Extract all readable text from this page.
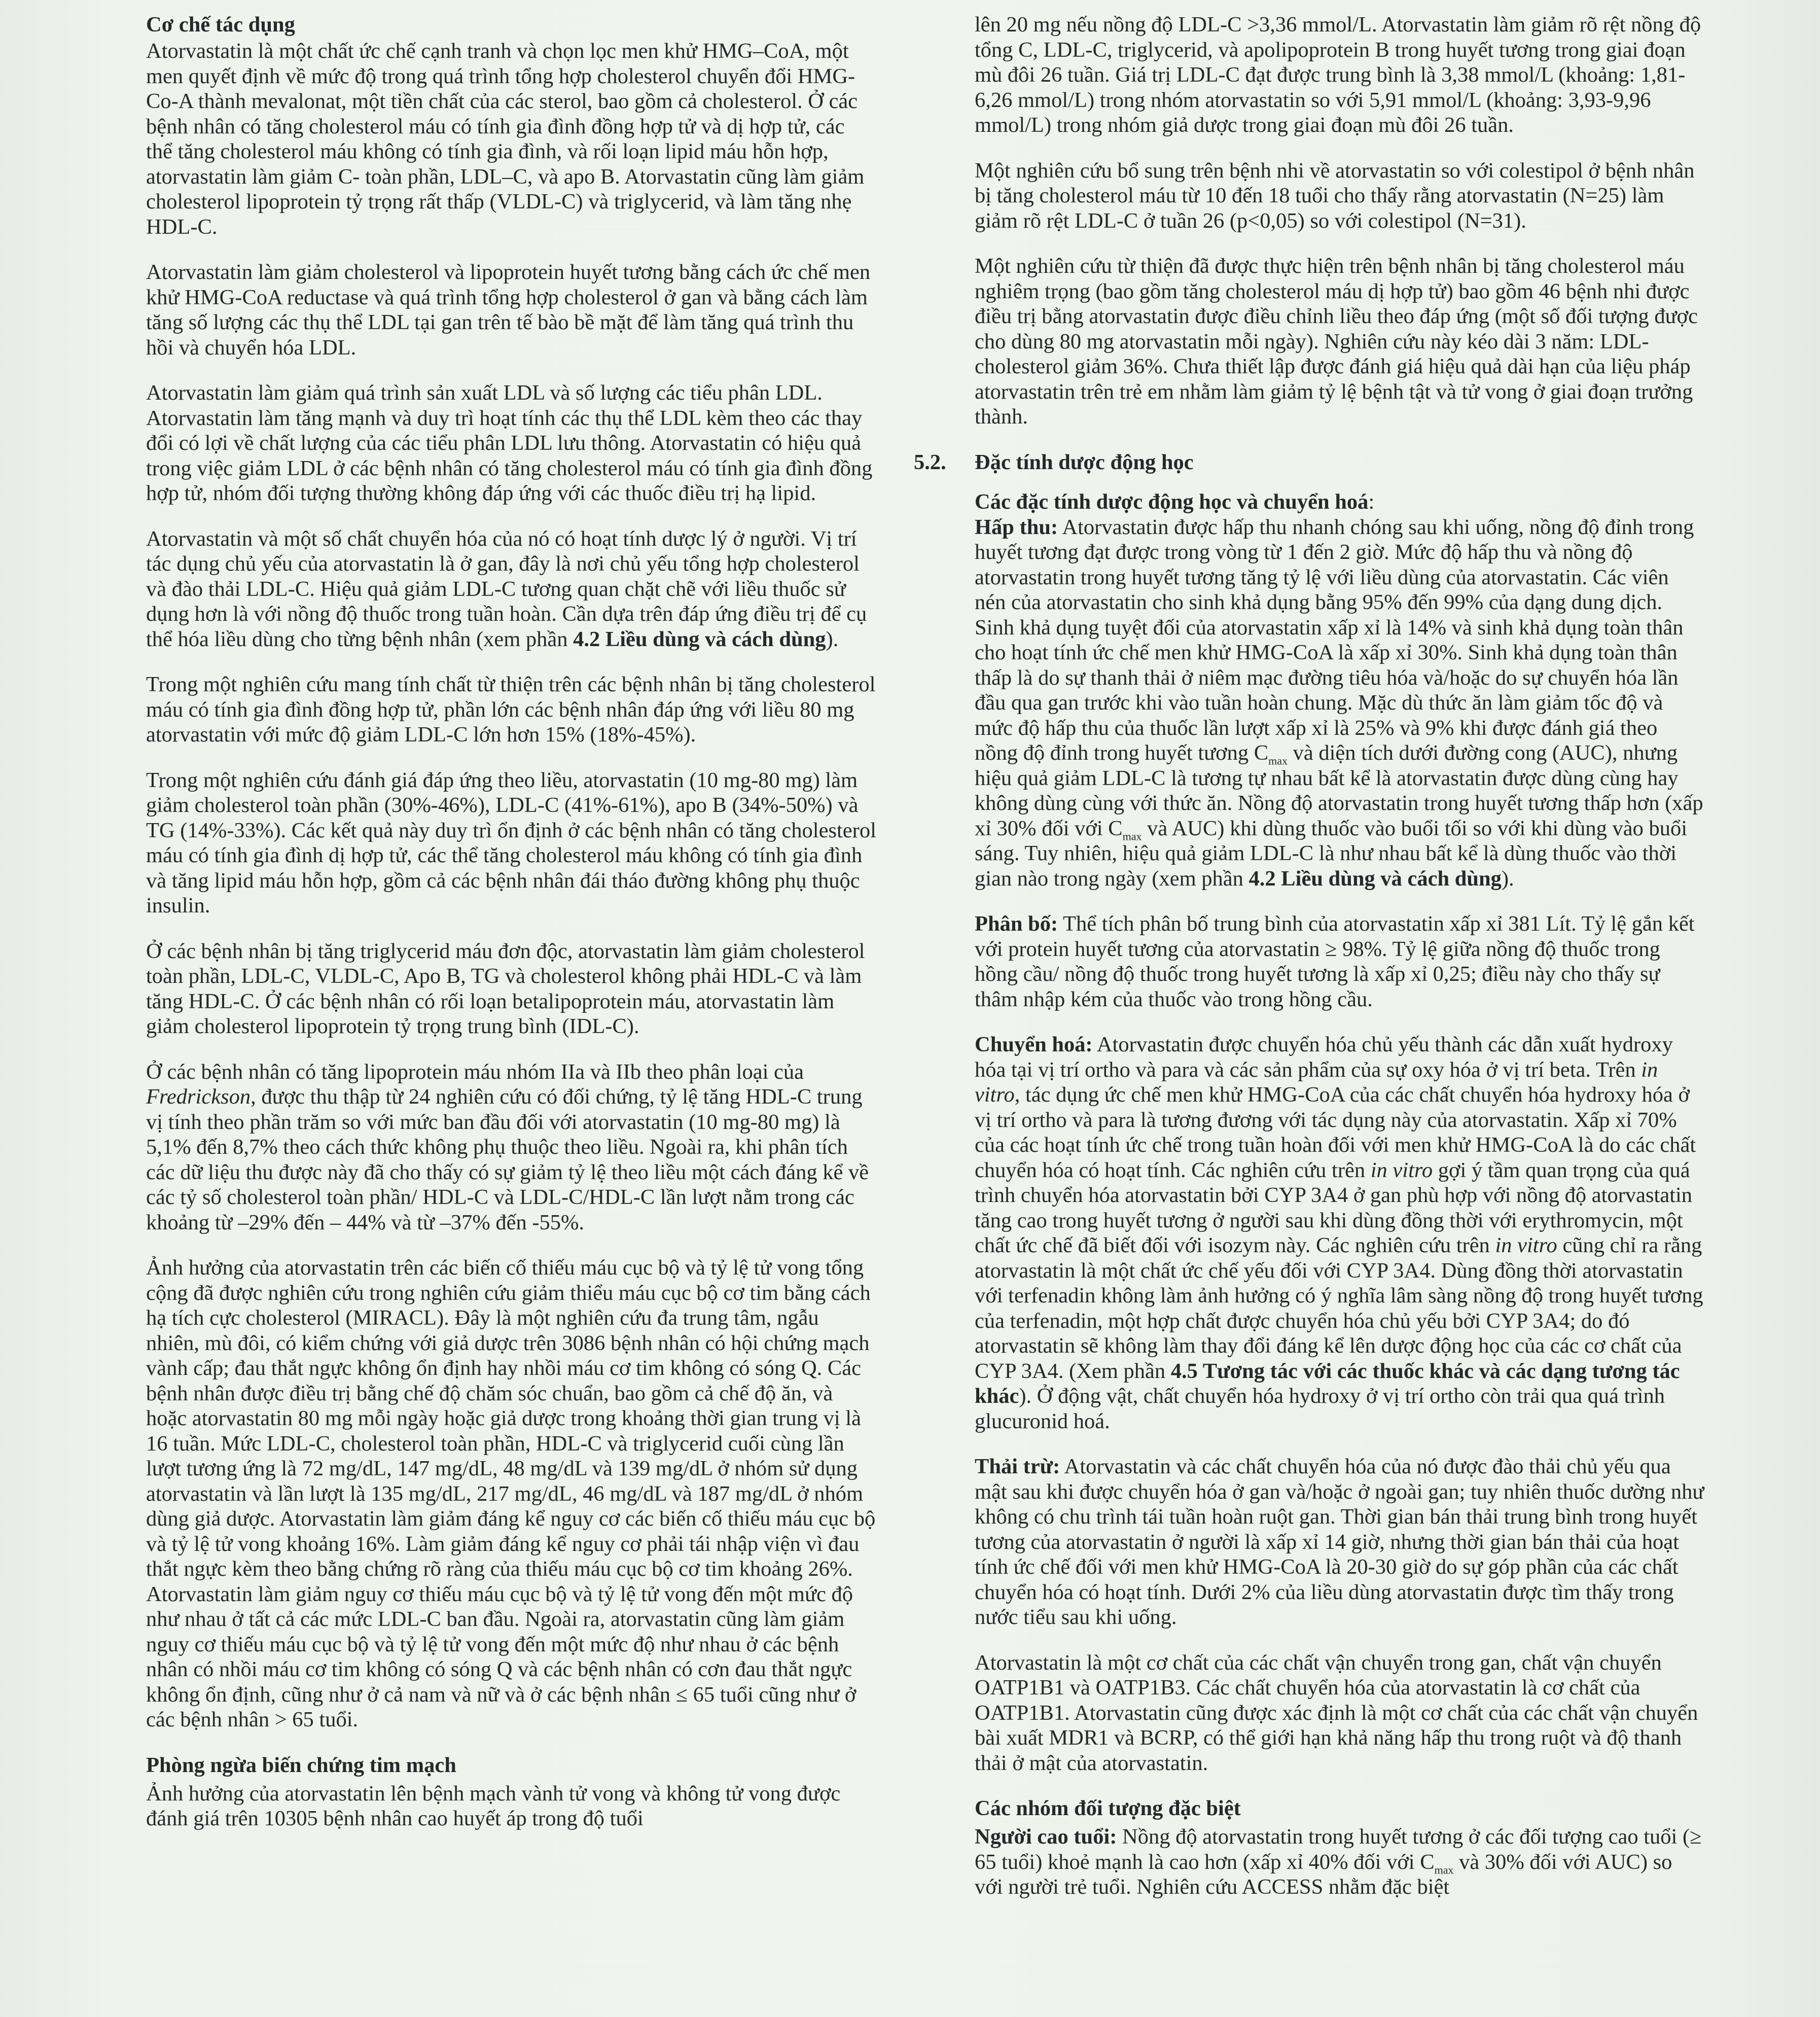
Cơ chế tác dụng

Atorvastatin là một chất ức chế cạnh tranh và chọn lọc men khử HMG–CoA, một men quyết định về mức độ trong quá trình tổng hợp cholesterol chuyển đổi HMG-Co-A thành mevalonat, một tiền chất của các sterol, bao gồm cả cholesterol. Ở các bệnh nhân có tăng cholesterol máu có tính gia đình đồng hợp tử và dị hợp tử, các thể tăng cholesterol máu không có tính gia đình, và rối loạn lipid máu hỗn hợp, atorvastatin làm giảm C- toàn phần, LDL–C, và apo B. Atorvastatin cũng làm giảm cholesterol lipoprotein tỷ trọng rất thấp (VLDL-C) và triglycerid, và làm tăng nhẹ HDL-C.

Atorvastatin làm giảm cholesterol và lipoprotein huyết tương bằng cách ức chế men khử HMG-CoA reductase và quá trình tổng hợp cholesterol ở gan và bằng cách làm tăng số lượng các thụ thể LDL tại gan trên tế bào bề mặt để làm tăng quá trình thu hồi và chuyển hóa LDL.

Atorvastatin làm giảm quá trình sản xuất LDL và số lượng các tiểu phân LDL. Atorvastatin làm tăng mạnh và duy trì hoạt tính các thụ thể LDL kèm theo các thay đổi có lợi về chất lượng của các tiểu phân LDL lưu thông. Atorvastatin có hiệu quả trong việc giảm LDL ở các bệnh nhân có tăng cholesterol máu có tính gia đình đồng hợp tử, nhóm đối tượng thường không đáp ứng với các thuốc điều trị hạ lipid.

Atorvastatin và một số chất chuyển hóa của nó có hoạt tính dược lý ở người. Vị trí tác dụng chủ yếu của atorvastatin là ở gan, đây là nơi chủ yếu tổng hợp cholesterol và đào thải LDL-C. Hiệu quả giảm LDL-C tương quan chặt chẽ với liều thuốc sử dụng hơn là với nồng độ thuốc trong tuần hoàn. Cần dựa trên đáp ứng điều trị để cụ thể hóa liều dùng cho từng bệnh nhân (xem phần 4.2 Liều dùng và cách dùng).

Trong một nghiên cứu mang tính chất từ thiện trên các bệnh nhân bị tăng cholesterol máu có tính gia đình đồng hợp tử, phần lớn các bệnh nhân đáp ứng với liều 80 mg atorvastatin với mức độ giảm LDL-C lớn hơn 15% (18%-45%).

Trong một nghiên cứu đánh giá đáp ứng theo liều, atorvastatin (10 mg-80 mg) làm giảm cholesterol toàn phần (30%-46%), LDL-C (41%-61%), apo B (34%-50%) và TG (14%-33%). Các kết quả này duy trì ổn định ở các bệnh nhân có tăng cholesterol máu có tính gia đình dị hợp tử, các thể tăng cholesterol máu không có tính gia đình và tăng lipid máu hỗn hợp, gồm cả các bệnh nhân đái tháo đường không phụ thuộc insulin.

Ở các bệnh nhân bị tăng triglycerid máu đơn độc, atorvastatin làm giảm cholesterol toàn phần, LDL-C, VLDL-C, Apo B, TG và cholesterol không phải HDL-C và làm tăng HDL-C. Ở các bệnh nhân có rối loạn betalipoprotein máu, atorvastatin làm giảm cholesterol lipoprotein tỷ trọng trung bình (IDL-C).

Ở các bệnh nhân có tăng lipoprotein máu nhóm IIa và IIb theo phân loại của Fredrickson, được thu thập từ 24 nghiên cứu có đối chứng, tỷ lệ tăng HDL-C trung vị tính theo phần trăm so với mức ban đầu đối với atorvastatin (10 mg-80 mg) là 5,1% đến 8,7% theo cách thức không phụ thuộc theo liều. Ngoài ra, khi phân tích các dữ liệu thu được này đã cho thấy có sự giảm tỷ lệ theo liều một cách đáng kể về các tỷ số cholesterol toàn phần/ HDL-C và LDL-C/HDL-C lần lượt nằm trong các khoảng từ –29% đến – 44% và từ –37% đến -55%.

Ảnh hưởng của atorvastatin trên các biến cố thiếu máu cục bộ và tỷ lệ tử vong tổng cộng đã được nghiên cứu trong nghiên cứu giảm thiểu máu cục bộ cơ tim bằng cách hạ tích cực cholesterol (MIRACL). Đây là một nghiên cứu đa trung tâm, ngẫu nhiên, mù đôi, có kiểm chứng với giả dược trên 3086 bệnh nhân có hội chứng mạch vành cấp; đau thắt ngực không ổn định hay nhồi máu cơ tim không có sóng Q. Các bệnh nhân được điều trị bằng chế độ chăm sóc chuẩn, bao gồm cả chế độ ăn, và hoặc atorvastatin 80 mg mỗi ngày hoặc giả dược trong khoảng thời gian trung vị là 16 tuần. Mức LDL-C, cholesterol toàn phần, HDL-C và triglycerid cuối cùng lần lượt tương ứng là 72 mg/dL, 147 mg/dL, 48 mg/dL và 139 mg/dL ở nhóm sử dụng atorvastatin và lần lượt là 135 mg/dL, 217 mg/dL, 46 mg/dL và 187 mg/dL ở nhóm dùng giả dược. Atorvastatin làm giảm đáng kể nguy cơ các biến cố thiếu máu cục bộ và tỷ lệ tử vong khoảng 16%. Làm giảm đáng kể nguy cơ phải tái nhập viện vì đau thắt ngực kèm theo bằng chứng rõ ràng của thiếu máu cục bộ cơ tim khoảng 26%. Atorvastatin làm giảm nguy cơ thiếu máu cục bộ và tỷ lệ tử vong đến một mức độ như nhau ở tất cả các mức LDL-C ban đầu. Ngoài ra, atorvastatin cũng làm giảm nguy cơ thiếu máu cục bộ và tỷ lệ tử vong đến một mức độ như nhau ở các bệnh nhân có nhồi máu cơ tim không có sóng Q và các bệnh nhân có cơn đau thắt ngực không ổn định, cũng như ở cả nam và nữ và ở các bệnh nhân ≤ 65 tuổi cũng như ở các bệnh nhân > 65 tuổi.

Phòng ngừa biến chứng tim mạch

Ảnh hưởng của atorvastatin lên bệnh mạch vành tử vong và không tử vong được đánh giá trên 10305 bệnh nhân cao huyết áp trong độ tuổi

lên 20 mg nếu nồng độ LDL-C >3,36 mmol/L. Atorvastatin làm giảm rõ rệt nồng độ tổng C, LDL-C, triglycerid, và apolipoprotein B trong huyết tương trong giai đoạn mù đôi 26 tuần. Giá trị LDL-C đạt được trung bình là 3,38 mmol/L (khoảng: 1,81-6,26 mmol/L) trong nhóm atorvastatin so với 5,91 mmol/L (khoảng: 3,93-9,96 mmol/L) trong nhóm giả dược trong giai đoạn mù đôi 26 tuần.

Một nghiên cứu bổ sung trên bệnh nhi về atorvastatin so với colestipol ở bệnh nhân bị tăng cholesterol máu từ 10 đến 18 tuổi cho thấy rằng atorvastatin (N=25) làm giảm rõ rệt LDL-C ở tuần 26 (p<0,05) so với colestipol (N=31).

Một nghiên cứu từ thiện đã được thực hiện trên bệnh nhân bị tăng cholesterol máu nghiêm trọng (bao gồm tăng cholesterol máu dị hợp tử) bao gồm 46 bệnh nhi được điều trị bằng atorvastatin được điều chỉnh liều theo đáp ứng (một số đối tượng được cho dùng 80 mg atorvastatin mỗi ngày). Nghiên cứu này kéo dài 3 năm: LDL-cholesterol giảm 36%. Chưa thiết lập được đánh giá hiệu quả dài hạn của liệu pháp atorvastatin trên trẻ em nhằm làm giảm tỷ lệ bệnh tật và tử vong ở giai đoạn trưởng thành.

5.2. Đặc tính dược động học
Các đặc tính dược động học và chuyển hoá:

Hấp thu: Atorvastatin được hấp thu nhanh chóng sau khi uống, nồng độ đỉnh trong huyết tương đạt được trong vòng từ 1 đến 2 giờ. Mức độ hấp thu và nồng độ atorvastatin trong huyết tương tăng tỷ lệ với liều dùng của atorvastatin. Các viên nén của atorvastatin cho sinh khả dụng bằng 95% đến 99% của dạng dung dịch. Sinh khả dụng tuyệt đối của atorvastatin xấp xỉ là 14% và sinh khả dụng toàn thân cho hoạt tính ức chế men khử HMG-CoA là xấp xỉ 30%. Sinh khả dụng toàn thân thấp là do sự thanh thải ở niêm mạc đường tiêu hóa và/hoặc do sự chuyển hóa lần đầu qua gan trước khi vào tuần hoàn chung. Mặc dù thức ăn làm giảm tốc độ và mức độ hấp thu của thuốc lần lượt xấp xỉ là 25% và 9% khi được đánh giá theo nồng độ đỉnh trong huyết tương $C_{max}$ và diện tích dưới đường cong (AUC), nhưng hiệu quả giảm LDL-C là tương tự nhau bất kể là atorvastatin được dùng cùng hay không dùng cùng với thức ăn. Nồng độ atorvastatin trong huyết tương thấp hơn (xấp xỉ 30% đối với $C_{max}$ và AUC) khi dùng thuốc vào buổi tối so với khi dùng vào buổi sáng. Tuy nhiên, hiệu quả giảm LDL-C là như nhau bất kể là dùng thuốc vào thời gian nào trong ngày (xem phần 4.2 Liều dùng và cách dùng).

Phân bố: Thể tích phân bố trung bình của atorvastatin xấp xỉ 381 Lít. Tỷ lệ gắn kết với protein huyết tương của atorvastatin ≥ 98%. Tỷ lệ giữa nồng độ thuốc trong hồng cầu/ nồng độ thuốc trong huyết tương là xấp xỉ 0,25; điều này cho thấy sự thâm nhập kém của thuốc vào trong hồng cầu.

Chuyển hoá: Atorvastatin được chuyển hóa chủ yếu thành các dẫn xuất hydroxy hóa tại vị trí ortho và para và các sản phẩm của sự oxy hóa ở vị trí beta. Trên in vitro, tác dụng ức chế men khử HMG-CoA của các chất chuyển hóa hydroxy hóa ở vị trí ortho và para là tương đương với tác dụng này của atorvastatin. Xấp xỉ 70% của các hoạt tính ức chế trong tuần hoàn đối với men khử HMG-CoA là do các chất chuyển hóa có hoạt tính. Các nghiên cứu trên in vitro gợi ý tầm quan trọng của quá trình chuyển hóa atorvastatin bởi CYP 3A4 ở gan phù hợp với nồng độ atorvastatin tăng cao trong huyết tương ở người sau khi dùng đồng thời với erythromycin, một chất ức chế đã biết đối với isozym này. Các nghiên cứu trên in vitro cũng chỉ ra rằng atorvastatin là một chất ức chế yếu đối với CYP 3A4. Dùng đồng thời atorvastatin với terfenadin không làm ảnh hưởng có ý nghĩa lâm sàng nồng độ trong huyết tương của terfenadin, một hợp chất được chuyển hóa chủ yếu bởi CYP 3A4; do đó atorvastatin sẽ không làm thay đổi đáng kể lên dược động học của các cơ chất của CYP 3A4. (Xem phần 4.5 Tương tác với các thuốc khác và các dạng tương tác khác). Ở động vật, chất chuyển hóa hydroxy ở vị trí ortho còn trải qua quá trình glucuronid hoá.

Thải trừ: Atorvastatin và các chất chuyển hóa của nó được đào thải chủ yếu qua mật sau khi được chuyển hóa ở gan và/hoặc ở ngoài gan; tuy nhiên thuốc dường như không có chu trình tái tuần hoàn ruột gan. Thời gian bán thải trung bình trong huyết tương của atorvastatin ở người là xấp xỉ 14 giờ, nhưng thời gian bán thải của hoạt tính ức chế đối với men khử HMG-CoA là 20-30 giờ do sự góp phần của các chất chuyển hóa có hoạt tính. Dưới 2% của liều dùng atorvastatin được tìm thấy trong nước tiểu sau khi uống.

Atorvastatin là một cơ chất của các chất vận chuyển trong gan, chất vận chuyển OATP1B1 và OATP1B3. Các chất chuyển hóa của atorvastatin là cơ chất của OATP1B1. Atorvastatin cũng được xác định là một cơ chất của các chất vận chuyển bài xuất MDR1 và BCRP, có thể giới hạn khả năng hấp thu trong ruột và độ thanh thải ở mật của atorvastatin.

Các nhóm đối tượng đặc biệt

Người cao tuổi: Nồng độ atorvastatin trong huyết tương ở các đối tượng cao tuổi (≥ 65 tuổi) khoẻ mạnh là cao hơn (xấp xỉ 40% đối với $C_{max}$ và 30% đối với AUC) so với người trẻ tuổi. Nghiên cứu ACCESS nhằm đặc biệt
